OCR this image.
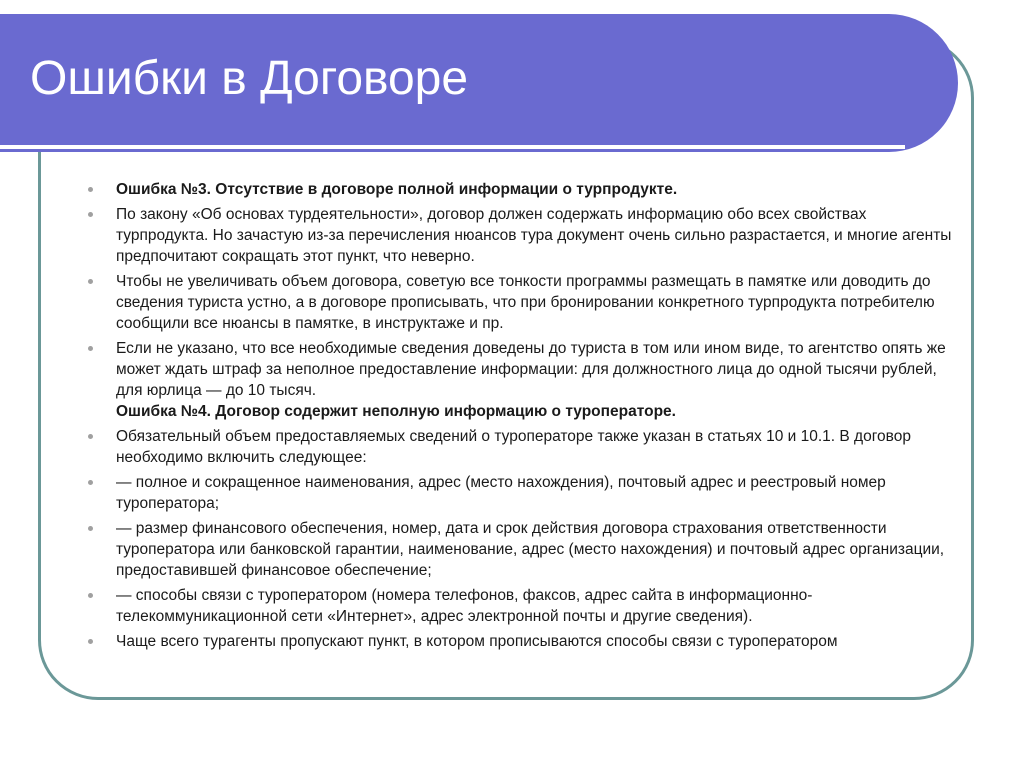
Ошибки в Договоре
Ошибка №3. Отсутствие в договоре полной информации о турпродукте.
По закону «Об основах турдеятельности», договор должен содержать информацию обо всех свойствах турпродукта. Но зачастую из-за перечисления нюансов тура документ очень сильно разрастается, и многие агенты предпочитают сокращать этот пункт, что неверно.
Чтобы не увеличивать объем договора, советую все тонкости программы размещать в памятке или доводить до сведения туриста устно, а в договоре прописывать, что при бронировании конкретного турпродукта потребителю сообщили все нюансы в памятке, в инструктаже и пр.
Если не указано, что все необходимые сведения доведены до туриста в том или ином виде, то агентство опять же может ждать штраф за неполное предоставление информации: для должностного лица до одной тысячи рублей, для юрлица — до 10 тысяч.
Ошибка №4. Договор содержит неполную информацию о туроператоре.
Обязательный объем предоставляемых сведений о туроператоре также указан в статьях 10 и 10.1. В договор необходимо включить следующее:
— полное и сокращенное наименования, адрес (место нахождения), почтовый адрес и реестровый номер туроператора;
— размер финансового обеспечения, номер, дата и срок действия договора страхования ответственности туроператора или банковской гарантии, наименование, адрес (место нахождения) и почтовый адрес организации, предоставившей финансовое обеспечение;
— способы связи с туроператором (номера телефонов, факсов, адрес сайта в информационно-телекоммуникационной сети «Интернет», адрес электронной почты и другие сведения).
Чаще всего турагенты пропускают пункт, в котором прописываются способы связи с туроператором
